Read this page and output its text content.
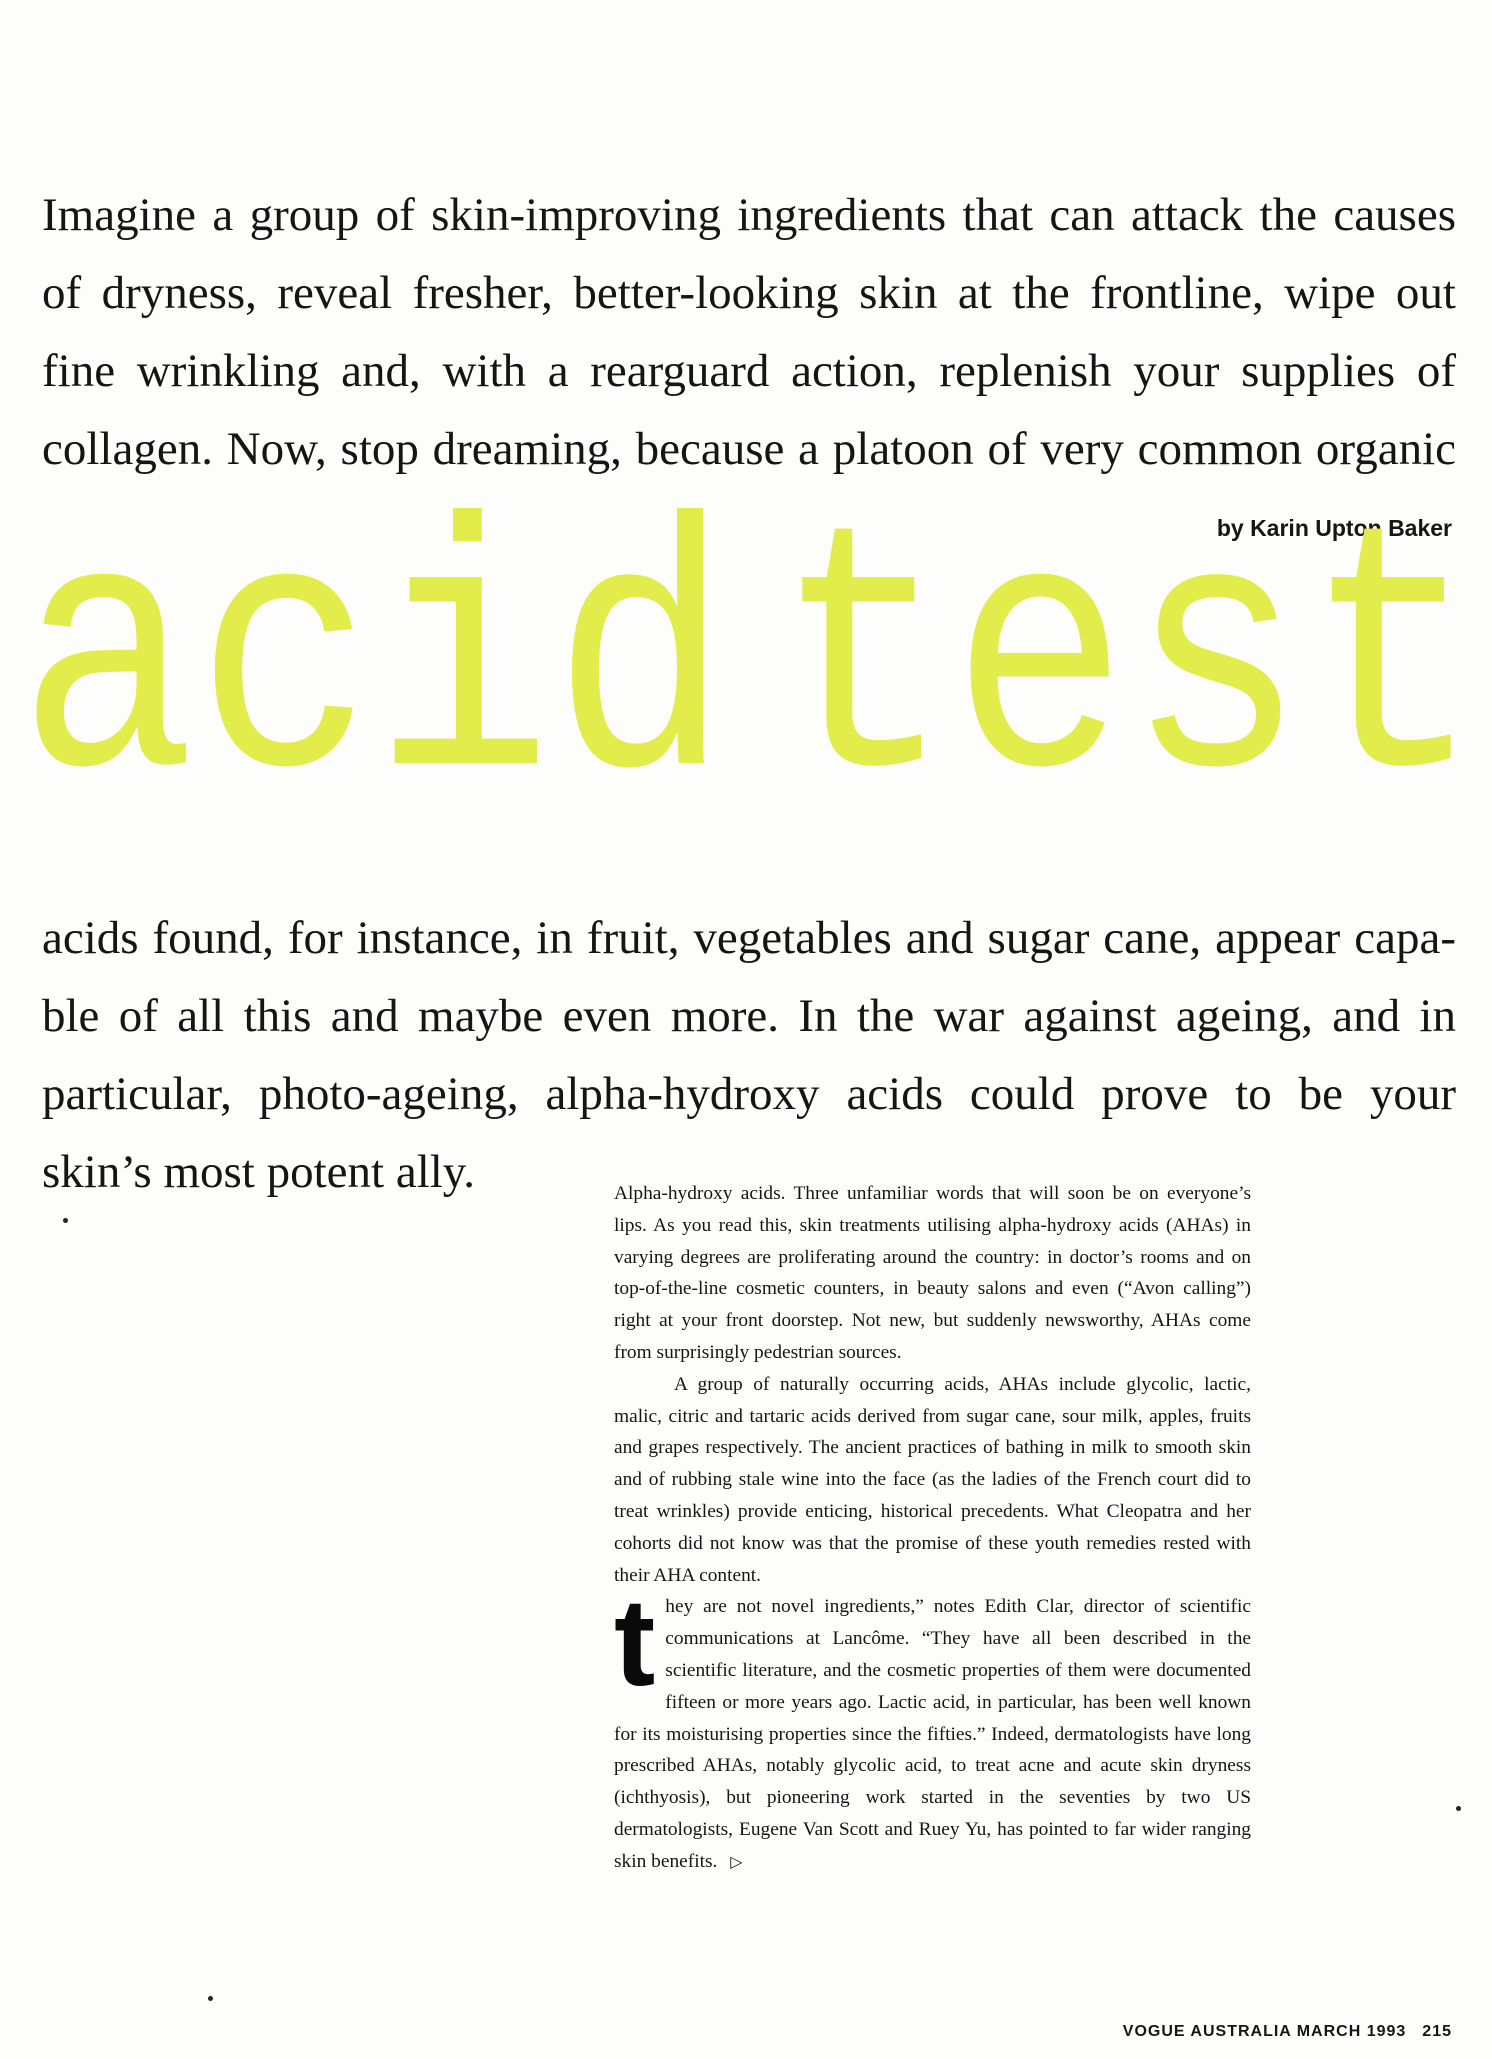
Imagine a group of skin-improving ingredients that can attack the causes
of dryness, reveal fresher, better-looking skin at the frontline, wipe out
fine wrinkling and, with a rearguard action, replenish your supplies of
collagen. Now, stop dreaming, because a platoon of very common organic

by Karin Upton Baker

acid test
acids found, for instance, in fruit, vegetables and sugar cane, appear capa-
ble of all this and maybe even more. In the war against ageing, and in
particular, photo-ageing, alpha-hydroxy acids could prove to be your
skin’s most potent ally.	Alpha-hydroxy acids. Three unfamiliar words that will soon be on everyone’s lips. As you read this, skin treatments utilising alpha-hydroxy acids (AHAs) in varying degrees are proliferating around the country: in doctor’s rooms and on top-of-the-line cosmetic counters, in beauty salons and even (“Avon calling”) right at your front doorstep. Not new, but suddenly newsworthy, AHAs come from surprisingly pedestrian sources.

A group of naturally occurring acids, AHAs include glycolic, lactic, malic, citric and tartaric acids derived from sugar cane, sour milk, apples, fruits and grapes respectively. The ancient practices of bathing in milk to smooth skin and of rubbing stale wine into the face (as the ladies of the French court did to treat wrinkles) provide enticing, historical precedents. What Cleopatra and her cohorts did not know was that the promise of these youth remedies rested with their AHA content.

t hey are not novel ingredients,” notes Edith Clar, director of scientific communications at Lancôme. “They have all been described in the scientific literature, and the cosmetic properties of them were documented fifteen or more years ago. Lactic acid, in particular, has been well known for its moisturising properties since the fifties.” Indeed, dermatologists have long prescribed AHAs, notably glycolic acid, to treat acne and acute skin dryness (ichthyosis), but pioneering work started in the seventies by two US dermatologists, Eugene Van Scott and Ruey Yu, has pointed to far wider ranging skin benefits. ▷

VOGUE AUSTRALIA MARCH 1993 215
